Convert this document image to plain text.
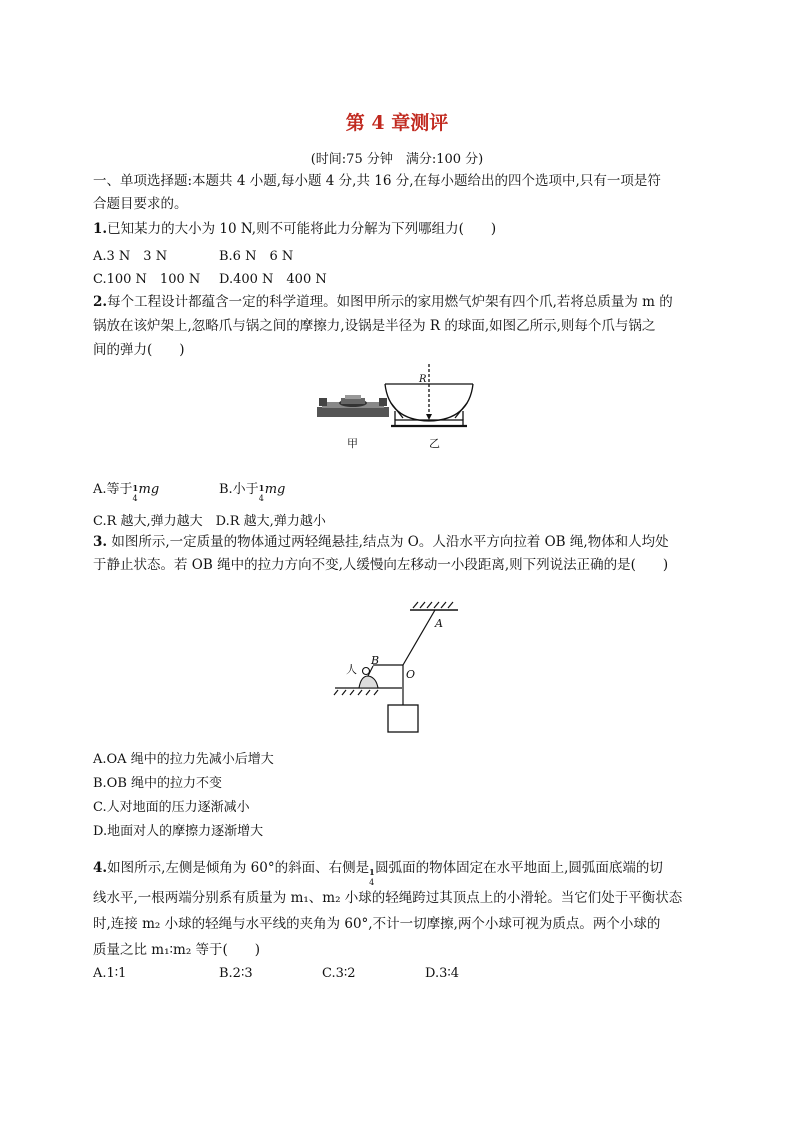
第 4 章测评
(时间:75 分钟　满分:100 分)
一、单项选择题:本题共 4 小题,每小题 4 分,共 16 分,在每小题给出的四个选项中,只有一项是符
合题目要求的。
1.已知某力的大小为 10 N,则不可能将此力分解为下列哪组力(　　)
A.3 N　3 N	B.6 N　6 N
C.100 N　100 N D.400 N　400 N
2.每个工程设计都蕴含一定的科学道理。如图甲所示的家用燃气炉架有四个爪,若将总质量为 m 的
锅放在该炉架上,忽略爪与锅之间的摩擦力,设锅是半径为 R 的球面,如图乙所示,则每个爪与锅之
间的弹力(　　)
R
甲	乙
A.等于 1
4
mg	B.小于 1
4
mg
C.R 越大,弹力越大　D.R 越大,弹力越小
3. 如图所示,一定质量的物体通过两轻绳悬挂,结点为 O。人沿水平方向拉着 OB 绳,物体和人均处
于静止状态。若 OB 绳中的拉力方向不变,人缓慢向左移动一小段距离,则下列说法正确的是(　　)
A
B
O
人
A.OA 绳中的拉力先减小后增大
B.OB 绳中的拉力不变
C.人对地面的压力逐渐减小
D.地面对人的摩擦力逐渐增大
4.如图所示,左侧是倾角为 60°的斜面、右侧是 1
4
圆弧面的物体固定在水平地面上,圆弧面底端的切
线水平,一根两端分别系有质量为 m₁、m₂ 小球的轻绳跨过其顶点上的小滑轮。当它们处于平衡状态
时,连接 m₂ 小球的轻绳与水平线的夹角为 60°,不计一切摩擦,两个小球可视为质点。两个小球的
质量之比 m₁∶m₂ 等于(　　)
A.1∶1	B.2∶3	C.3∶2	D.3∶4
